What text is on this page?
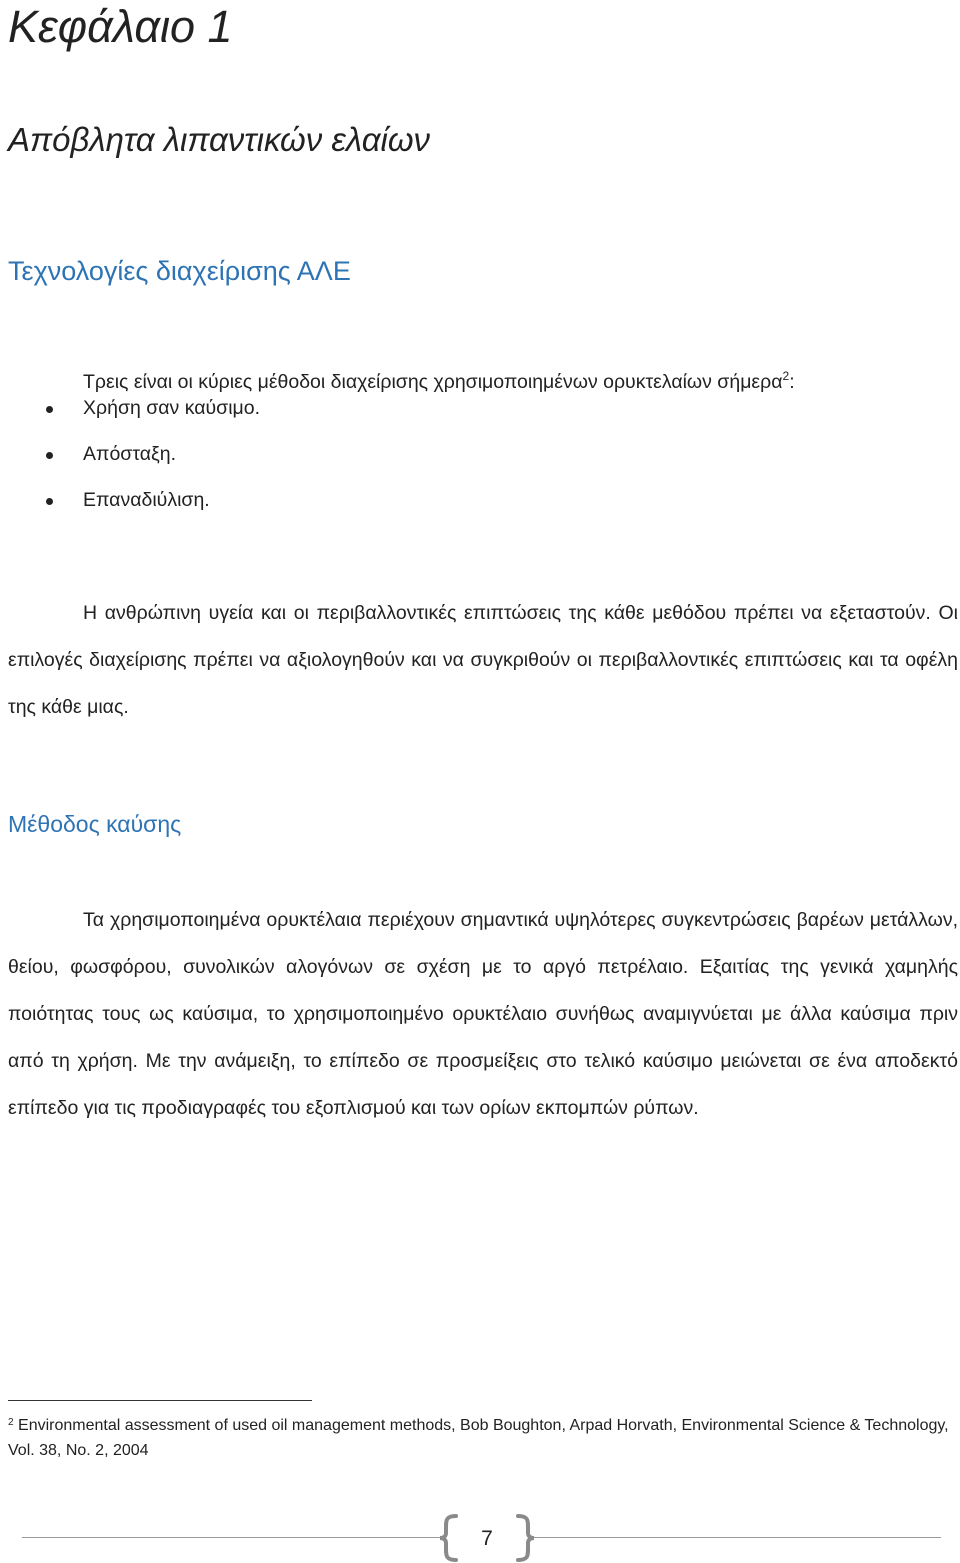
Κεφάλαιο 1
Απόβλητα λιπαντικών ελαίων
Τεχνολογίες διαχείρισης ΑΛΕ
Τρεις είναι οι κύριες μέθοδοι διαχείρισης χρησιμοποιημένων ορυκτελαίων σήμερα$^2$:
Χρήση σαν καύσιμο.
Απόσταξη.
Επαναδιύλιση.

Η ανθρώπινη υγεία και οι περιβαλλοντικές επιπτώσεις της κάθε μεθόδου πρέπει να εξεταστούν. Οι επιλογές διαχείρισης πρέπει να αξιολογηθούν και να συγκριθούν οι περιβαλλοντικές επιπτώσεις και τα οφέλη της κάθε μιας.

Μέθοδος καύσης

Τα χρησιμοποιημένα ορυκτέλαια περιέχουν σημαντικά υψηλότερες συγκεντρώσεις βαρέων μετάλλων, θείου, φωσφόρου, συνολικών αλογόνων σε σχέση με το αργό πετρέλαιο. Εξαιτίας της γενικά χαμηλής ποιότητας τους ως καύσιμα, το χρησιμοποιημένο ορυκτέλαιο συνήθως αναμιγνύεται με άλλα καύσιμα πριν από τη χρήση. Με την ανάμειξη, το επίπεδο σε προσμείξεις στο τελικό καύσιμο μειώνεται σε ένα αποδεκτό επίπεδο για τις προδιαγραφές του εξοπλισμού και των ορίων εκπομπών ρύπων.

$^2$ Environmental assessment of used oil management methods, Bob Boughton, Arpad Horvath, Environmental Science & Technology, Vol. 38, No. 2, 2004
7
